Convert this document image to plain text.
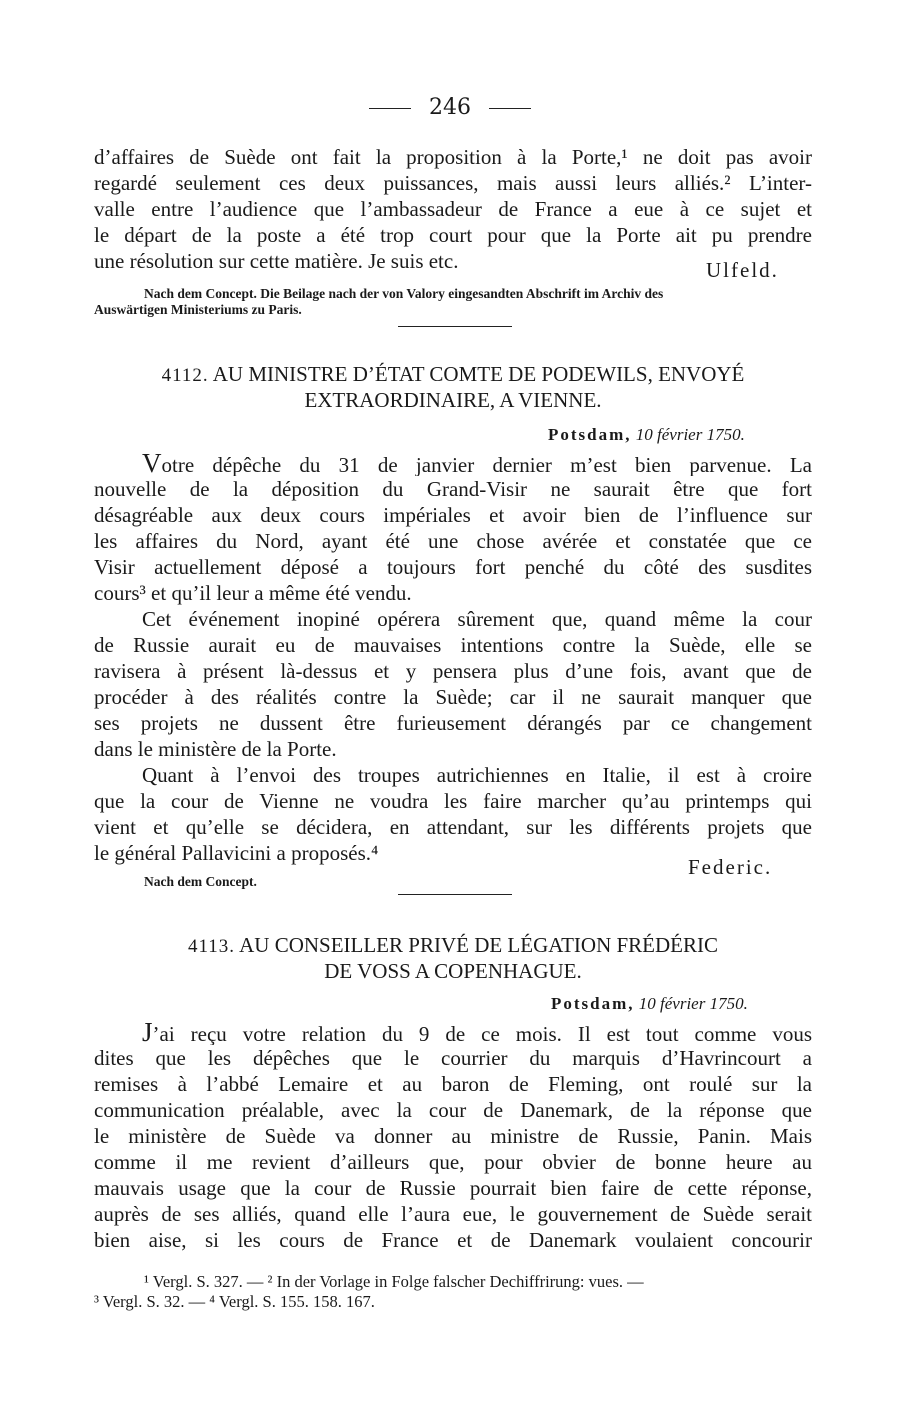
246
d’affaires de Suède ont fait la proposition à la Porte,¹ ne doit pas avoir
regardé seulement ces deux puissances, mais aussi leurs alliés.² L’inter-
valle entre l’audience que l’ambassadeur de France a eue à ce sujet et
le départ de la poste a été trop court pour que la Porte ait pu prendre
une résolution sur cette matière. Je suis etc.	Ulfeld.
Nach dem Concept. Die Beilage nach der von Valory eingesandten Abschrift im Archiv des
Auswärtigen Ministeriums zu Paris.
4112. AU MINISTRE D’ÉTAT COMTE DE PODEWILS, ENVOYÉ
EXTRAORDINAIRE, A VIENNE.
Potsdam, 10 février 1750.
Votre dépêche du 31 de janvier dernier m’est bien parvenue. La
nouvelle de la déposition du Grand-Visir ne saurait être que fort
désagréable aux deux cours impériales et avoir bien de l’influence sur
les affaires du Nord, ayant été une chose avérée et constatée que ce
Visir actuellement déposé a toujours fort penché du côté des susdites
cours³ et qu’il leur a même été vendu.
Cet événement inopiné opérera sûrement que, quand même la cour
de Russie aurait eu de mauvaises intentions contre la Suède, elle se
ravisera à présent là-dessus et y pensera plus d’une fois, avant que de
procéder à des réalités contre la Suède; car il ne saurait manquer que
ses projets ne dussent être furieusement dérangés par ce changement
dans le ministère de la Porte.
Quant à l’envoi des troupes autrichiennes en Italie, il est à croire
que la cour de Vienne ne voudra les faire marcher qu’au printemps qui
vient et qu’elle se décidera, en attendant, sur les différents projets que
le général Pallavicini a proposés.⁴
Federic.
Nach dem Concept.
4113. AU CONSEILLER PRIVÉ DE LÉGATION FRÉDÉRIC
DE VOSS A COPENHAGUE.
Potsdam, 10 février 1750.
J’ai reçu votre relation du 9 de ce mois. Il est tout comme vous
dites que les dépêches que le courrier du marquis d’Havrincourt a
remises à l’abbé Lemaire et au baron de Fleming, ont roulé sur la
communication préalable, avec la cour de Danemark, de la réponse que
le ministère de Suède va donner au ministre de Russie, Panin. Mais
comme il me revient d’ailleurs que, pour obvier de bonne heure au
mauvais usage que la cour de Russie pourrait bien faire de cette réponse,
auprès de ses alliés, quand elle l’aura eue, le gouvernement de Suède serait
bien aise, si les cours de France et de Danemark voulaient concourir
¹ Vergl. S. 327. — ² In der Vorlage in Folge falscher Dechiffrirung: vues. —
³ Vergl. S. 32. — ⁴ Vergl. S. 155. 158. 167.
